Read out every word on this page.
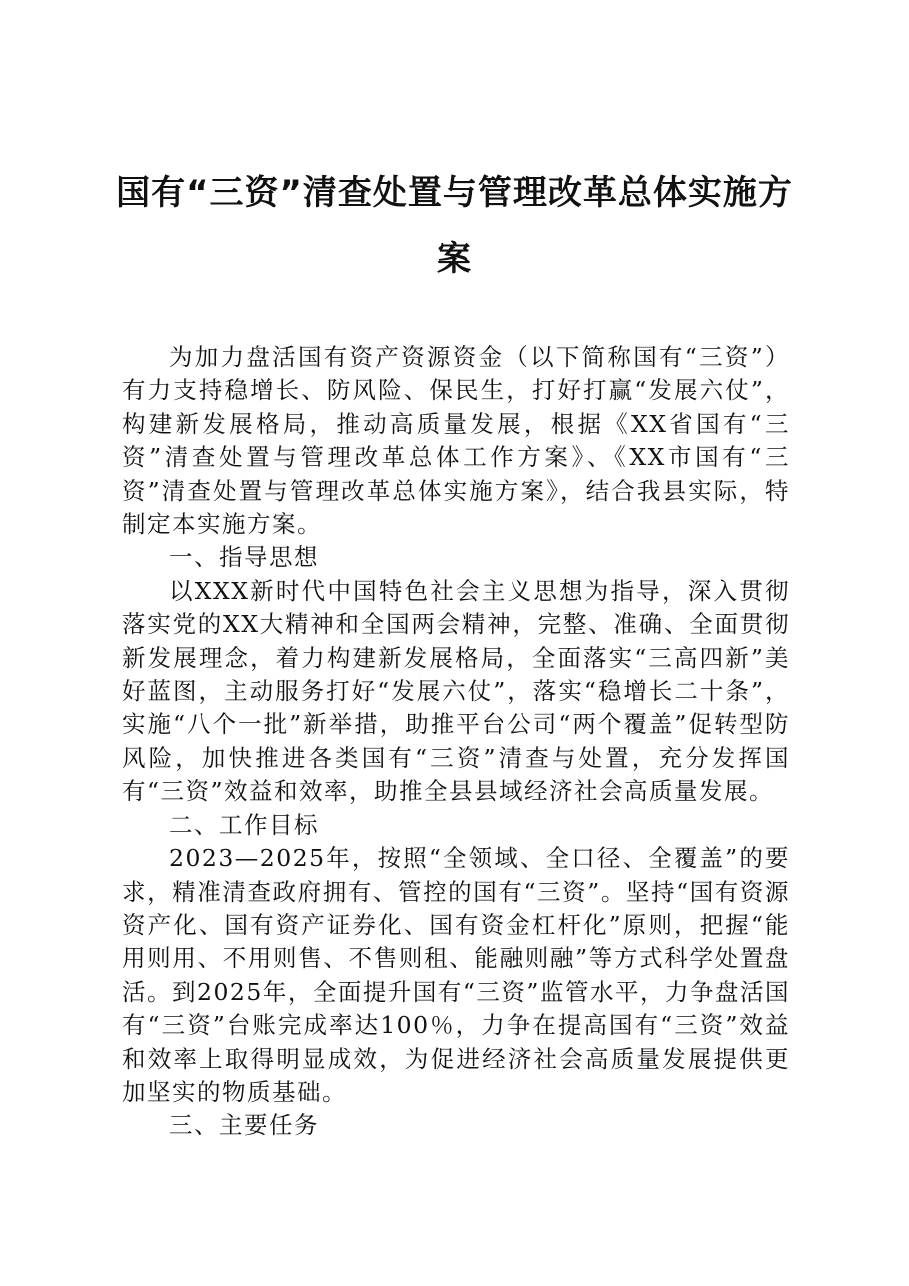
国有“三资”清查处置与管理改革总体实施方案

为加力盘活国有资产资源资金（以下简称国有“三资”）有力支持稳增长、防风险、保民生，打好打赢“发展六仗”，构建新发展格局，推动高质量发展，根据《XX省国有“三资”清查处置与管理改革总体工作方案》、《XX市国有“三资”清查处置与管理改革总体实施方案》，结合我县实际，特制定本实施方案。

一、指导思想

以XXX新时代中国特色社会主义思想为指导，深入贯彻落实党的XX大精神和全国两会精神，完整、准确、全面贯彻新发展理念，着力构建新发展格局，全面落实“三高四新”美好蓝图，主动服务打好“发展六仗”，落实“稳增长二十条”，实施“八个一批”新举措，助推平台公司“两个覆盖”促转型防风险，加快推进各类国有“三资”清查与处置，充分发挥国有“三资”效益和效率，助推全县县域经济社会高质量发展。

二、工作目标

2023—2025年，按照“全领域、全口径、全覆盖”的要求，精准清查政府拥有、管控的国有“三资”。坚持“国有资源资产化、国有资产证券化、国有资金杠杆化”原则，把握“能用则用、不用则售、不售则租、能融则融”等方式科学处置盘活。到2025年，全面提升国有“三资”监管水平，力争盘活国有“三资”台账完成率达100％，力争在提高国有“三资”效益和效率上取得明显成效，为促进经济社会高质量发展提供更加坚实的物质基础。

三、主要任务
